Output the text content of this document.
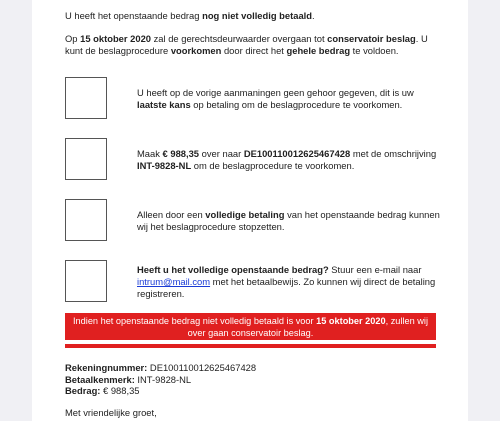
U heeft het openstaande bedrag nog niet volledig betaald.

Op 15 oktober 2020 zal de gerechtsdeurwaarder overgaan tot conservatoir beslag. U kunt de beslagprocedure voorkomen door direct het gehele bedrag te voldoen.

U heeft op de vorige aanmaningen geen gehoor gegeven, dit is uw laatste kans op betaling om de beslagprocedure te voorkomen.
Maak € 988,35 over naar DE100110012625467428 met de omschrijving INT-9828-NL om de beslagprocedure te voorkomen.
Alleen door een volledige betaling van het openstaande bedrag kunnen wij het beslagprocedure stopzetten.
Heeft u het volledige openstaande bedrag? Stuur een e-mail naar intrum@mail.com met het betaalbewijs. Zo kunnen wij direct de betaling registreren.
Indien het openstaande bedrag niet volledig betaald is voor 15 oktober 2020, zullen wij over gaan conservatoir beslag.
Rekeningnummer: DE100110012625467428
Betaalkenmerk: INT-9828-NL
Bedrag: € 988,35
Met vriendelijke groet,
